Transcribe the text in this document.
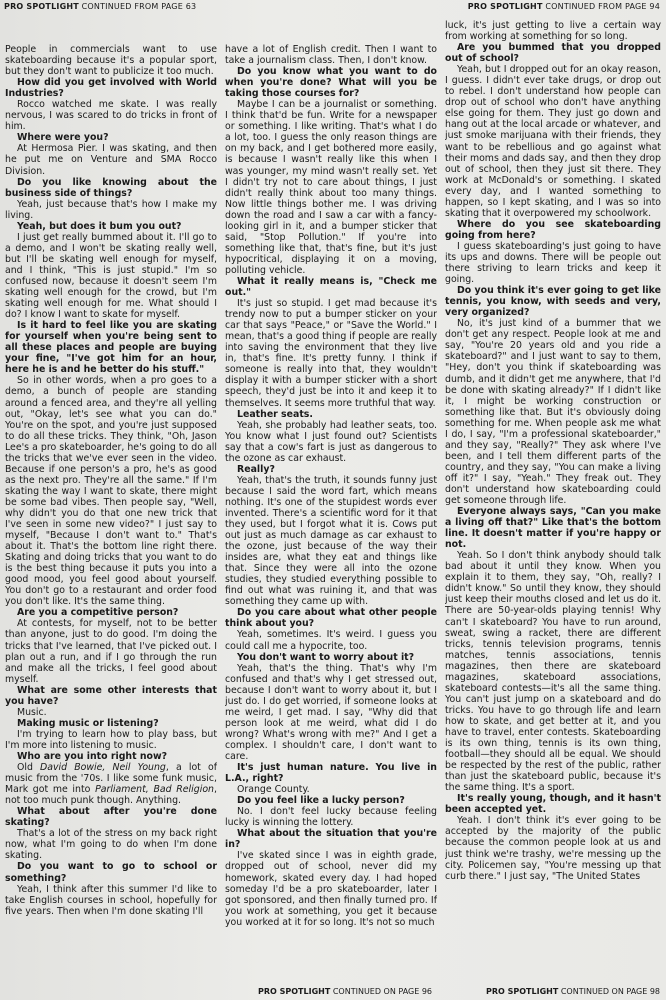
PRO SPOTLIGHT CONTINUED FROM PAGE 63	PRO SPOTLIGHT CONTINUED FROM PAGE 94

People in commercials want to use skateboarding because it's a popular sport, but they don't want to publicize it too much.

How did you get involved with World Industries?

Rocco watched me skate. I was really nervous, I was scared to do tricks in front of him.

Where were you?

At Hermosa Pier. I was skating, and then he put me on Venture and SMA Rocco Division.

Do you like knowing about the business side of things?

Yeah, just because that's how I make my living.

Yeah, but does it bum you out?

I just get really bummed about it. I'll go to a demo, and I won't be skating really well, but I'll be skating well enough for myself, and I think, "This is just stupid." I'm so confused now, because it doesn't seem I'm skating well enough for the crowd, but I'm skating well enough for me. What should I do? I know I want to skate for myself.

Is it hard to feel like you are skating for yourself when you're being sent to all these places and people are buying your fine, "I've got him for an hour, here he is and he better do his stuff."

So in other words, when a pro goes to a demo, a bunch of people are standing around a fenced area, and they're all yelling out, "Okay, let's see what you can do." You're on the spot, and you're just supposed to do all these tricks. They think, "Oh, Jason Lee's a pro skateboarder, he's going to do all the tricks that we've ever seen in the video. Because if one person's a pro, he's as good as the next pro. They're all the same." If I'm skating the way I want to skate, there might be some bad vibes. Then people say, "Well, why didn't you do that one new trick that I've seen in some new video?" I just say to myself, "Because I don't want to." That's about it. That's the bottom line right there. Skating and doing tricks that you want to do is the best thing because it puts you into a good mood, you feel good about yourself. You don't go to a restaurant and order food you don't like. It's the same thing.

Are you a competitive person?

At contests, for myself, not to be better than anyone, just to do good. I'm doing the tricks that I've learned, that I've picked out. I plan out a run, and if I go through the run and make all the tricks, I feel good about myself.

What are some other interests that you have?

Music.

Making music or listening?

I'm trying to learn how to play bass, but I'm more into listening to music.

Who are you into right now?

Old David Bowie, Neil Young, a lot of music from the '70s. I like some funk music, Mark got me into Parliament, Bad Religion, not too much punk though. Anything.

What about after you're done skating?

That's a lot of the stress on my back right now, what I'm going to do when I'm done skating.

Do you want to go to school or something?

Yeah, I think after this summer I'd like to take English courses in school, hopefully for five years. Then when I'm done skating I'll

have a lot of English credit. Then I want to take a journalism class. Then, I don't know.

Do you know what you want to do when you're done? What will you be taking those courses for?

Maybe I can be a journalist or something. I think that'd be fun. Write for a newspaper or something. I like writing. That's what I do a lot, too. I guess the only reason things are on my back, and I get bothered more easily, is because I wasn't really like this when I was younger, my mind wasn't really set. Yet I didn't try not to care about things, I just didn't really think about too many things. Now little things bother me. I was driving down the road and I saw a car with a fancy-looking girl in it, and a bumper sticker that said, "Stop Pollution." If you're into something like that, that's fine, but it's just hypocritical, displaying it on a moving, polluting vehicle.

What it really means is, "Check me out."

It's just so stupid. I get mad because it's trendy now to put a bumper sticker on your car that says "Peace," or "Save the World." I mean, that's a good thing if people are really into saving the environment that they live in, that's fine. It's pretty funny. I think if someone is really into that, they wouldn't display it with a bumper sticker with a short speech, they'd just be into it and keep it to themselves. It seems more truthful that way.

Leather seats.

Yeah, she probably had leather seats, too. You know what I just found out? Scientists say that a cow's fart is just as dangerous to the ozone as car exhaust.

Really?

Yeah, that's the truth, it sounds funny just because I said the word fart, which means nothing. It's one of the stupidest words ever invented. There's a scientific word for it that they used, but I forgot what it is. Cows put out just as much damage as car exhaust to the ozone, just because of the way their insides are, what they eat and things like that. Since they were all into the ozone studies, they studied everything possible to find out what was ruining it, and that was something they came up with.

Do you care about what other people think about you?

Yeah, sometimes. It's weird. I guess you could call me a hypocrite, too.

You don't want to worry about it?

Yeah, that's the thing. That's why I'm confused and that's why I get stressed out, because I don't want to worry about it, but I just do. I do get worried, if someone looks at me weird, I get mad. I say, "Why did that person look at me weird, what did I do wrong? What's wrong with me?" And I get a complex. I shouldn't care, I don't want to care.

It's just human nature. You live in L.A., right?

Orange County.

Do you feel like a lucky person?

No. I don't feel lucky because feeling lucky is winning the lottery.

What about the situation that you're in?

I've skated since I was in eighth grade, dropped out of school, never did my homework, skated every day. I had hoped someday I'd be a pro skateboarder, later I got sponsored, and then finally turned pro. If you work at something, you get it because you worked at it for so long. It's not so much

luck, it's just getting to live a certain way from working at something for so long.

Are you bummed that you dropped out of school?

Yeah, but I dropped out for an okay reason, I guess. I didn't ever take drugs, or drop out to rebel. I don't understand how people can drop out of school who don't have anything else going for them. They just go down and hang out at the local arcade or whatever, and just smoke marijuana with their friends, they want to be rebellious and go against what their moms and dads say, and then they drop out of school, then they just sit there. They work at McDonald's or something. I skated every day, and I wanted something to happen, so I kept skating, and I was so into skating that it overpowered my schoolwork.

Where do you see skateboarding going from here?

I guess skateboarding's just going to have its ups and downs. There will be people out there striving to learn tricks and keep it going.

Do you think it's ever going to get like tennis, you know, with seeds and very, very organized?

No, it's just kind of a bummer that we don't get any respect. People look at me and say, "You're 20 years old and you ride a skateboard?" and I just want to say to them, "Hey, don't you think if skateboarding was dumb, and it didn't get me anywhere, that I'd be done with skating already?" If I didn't like it, I might be working construction or something like that. But it's obviously doing something for me. When people ask me what I do, I say, "I'm a professional skateboarder," and they say, "Really?" They ask where I've been, and I tell them different parts of the country, and they say, "You can make a living off it?" I say, "Yeah." They freak out. They don't understand how skateboarding could get someone through life.

Everyone always says, "Can you make a living off that?" Like that's the bottom line. It doesn't matter if you're happy or not.

Yeah. So I don't think anybody should talk bad about it until they know. When you explain it to them, they say, "Oh, really? I didn't know." So until they know, they should just keep their mouths closed and let us do it. There are 50-year-olds playing tennis! Why can't I skateboard? You have to run around, sweat, swing a racket, there are different tricks, tennis television programs, tennis matches, tennis associations, tennis magazines, then there are skateboard magazines, skateboard associations, skateboard contests—it's all the same thing. You can't just jump on a skateboard and do tricks. You have to go through life and learn how to skate, and get better at it, and you have to travel, enter contests. Skateboarding is its own thing, tennis is its own thing, football—they should all be equal. We should be respected by the rest of the public, rather than just the skateboard public, because it's the same thing. It's a sport.

It's really young, though, and it hasn't been accepted yet.

Yeah. I don't think it's ever going to be accepted by the majority of the public because the common people look at us and just think we're trashy, we're messing up the city. Policemen say, "You're messing up that curb there." I just say, "The United States

PRO SPOTLIGHT CONTINUED ON PAGE 96	PRO SPOTLIGHT CONTINUED ON PAGE 98
